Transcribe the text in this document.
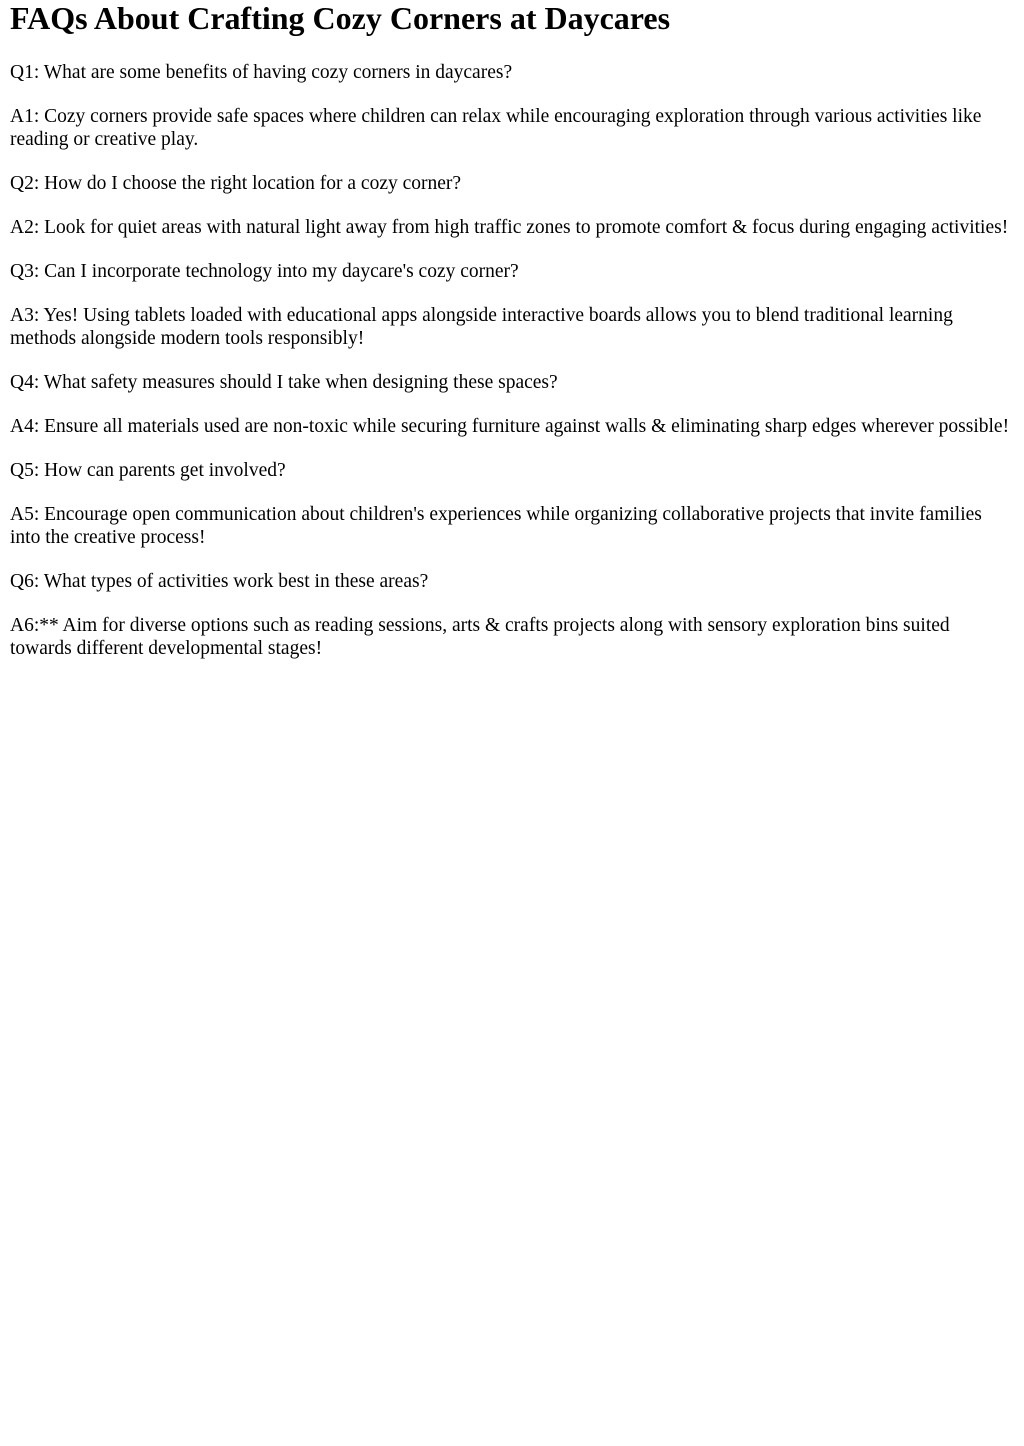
FAQs About Crafting Cozy Corners at Daycares

Q1: What are some benefits of having cozy corners in daycares?

A1: Cozy corners provide safe spaces where children can relax while encouraging exploration through various activities like reading or creative play.

Q2: How do I choose the right location for a cozy corner?

A2: Look for quiet areas with natural light away from high traffic zones to promote comfort & focus during engaging activities!

Q3: Can I incorporate technology into my daycare's cozy corner?

A3: Yes! Using tablets loaded with educational apps alongside interactive boards allows you to blend traditional learning methods alongside modern tools responsibly!

Q4: What safety measures should I take when designing these spaces?

A4: Ensure all materials used are non-toxic while securing furniture against walls & eliminating sharp edges wherever possible!

Q5: How can parents get involved?

A5: Encourage open communication about children's experiences while organizing collaborative projects that invite families into the creative process!

Q6: What types of activities work best in these areas?

A6:** Aim for diverse options such as reading sessions, arts & crafts projects along with sensory exploration bins suited towards different developmental stages!
